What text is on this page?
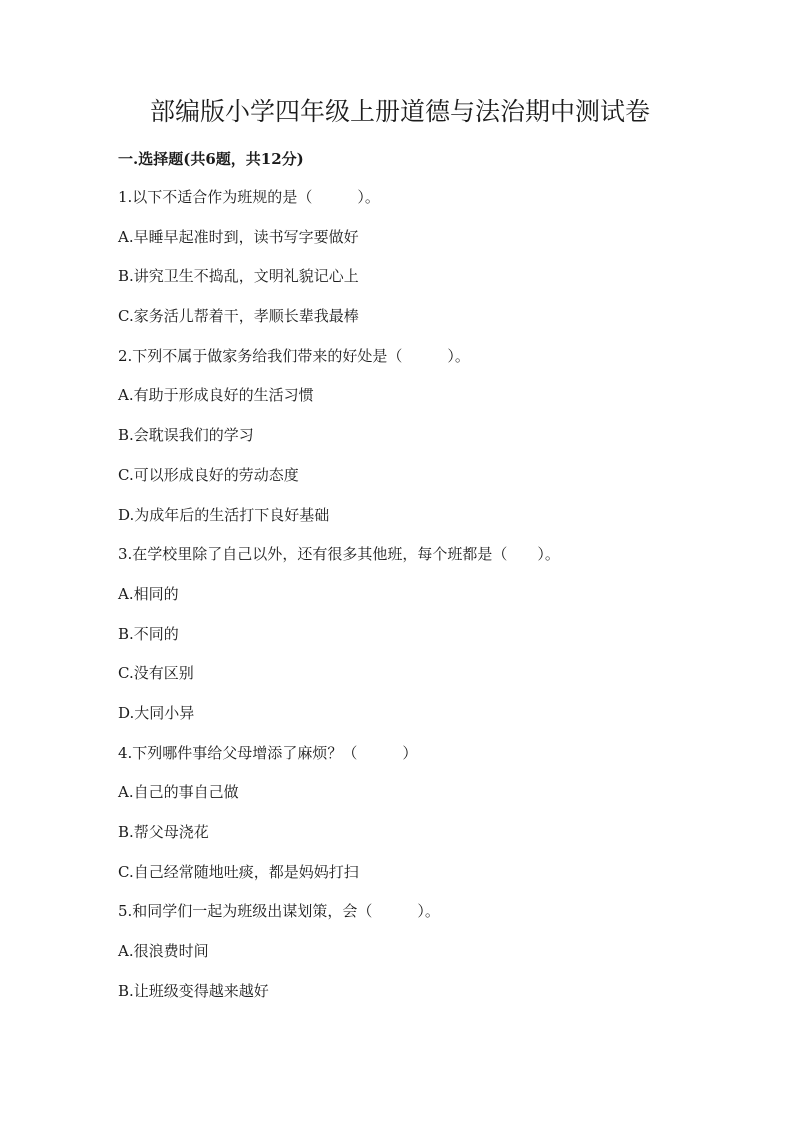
部编版小学四年级上册道德与法治期中测试卷
一.选择题(共6题，共12分)
1.以下不适合作为班规的是（　　　）。
A.早睡早起准时到，读书写字要做好
B.讲究卫生不捣乱，文明礼貌记心上
C.家务活儿帮着干，孝顺长辈我最棒
2.下列不属于做家务给我们带来的好处是（　　　）。
A.有助于形成良好的生活习惯
B.会耽误我们的学习
C.可以形成良好的劳动态度
D.为成年后的生活打下良好基础
3.在学校里除了自己以外，还有很多其他班，每个班都是（　　）。
A.相同的
B.不同的
C.没有区别
D.大同小异
4.下列哪件事给父母增添了麻烦？（　　　）
A.自己的事自己做
B.帮父母浇花
C.自己经常随地吐痰，都是妈妈打扫
5.和同学们一起为班级出谋划策，会（　　　）。
A.很浪费时间
B.让班级变得越来越好
